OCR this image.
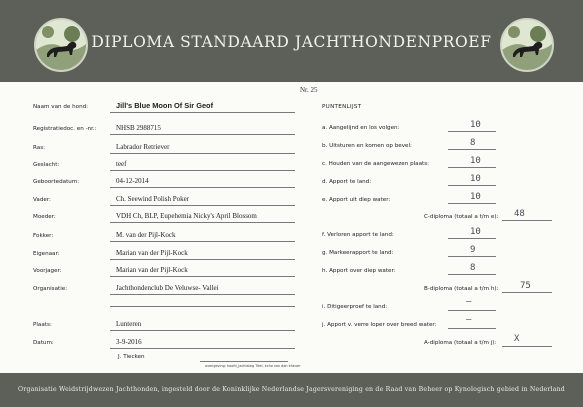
DIPLOMA STANDAARD JACHTHONDENPROEF
Nr. 25
Naam van de hond:	Jill's Blue Moon Of Sir Geof
Registratiedoc. en -nr.:	NHSB 2988715
Ras:	Labrador Retriever
Geslacht:	teef
Geboortedatum:	04-12-2014
Vader:	Ch. Seewind Polish Poker
Moeder:	VDH Ch, BLP, Eupehemia Nicky's April Blossom
Fokker:	M. van der Pijl-Kock
Eigenaar:	Marian van der Pijl-Kock
Voorjager:	Marian van der Pijl-Kock
Organisatie:	Jachthondenclub De Veluwse- Vallei
Plaats:	Lunteren
Datum:	3-9-2016
J. Tiecken
ovengeving: hoofd_Jachtsteg Titel, echo van den kheuer
PUNTENLIJST
a. Aangelijnd en los volgen:	10
b. Uitsturen en komen op bevel:	8
c. Houden van de aangewezen plaats:	10
d. Apport te land:	10
e. Apport uit diep water:	10
C-diploma (totaal a t/m e): 48
f. Verloren apport te land:	10
g. Markeerapport te land:	9
h. Apport over diep water:	8
B-diploma (totaal a t/m h): 75
i. Ditigeerproef te land:	–
j. Apport v. verre loper over breed water:	–
A-diploma (totaal a t/m j): X
Organisatie Weidstrijdwezen Jachthonden, ingesteld door de Koninklijke Nederlandse Jagersvereniging en de Raad van Beheer op Kynologisch gebied in Nederland
